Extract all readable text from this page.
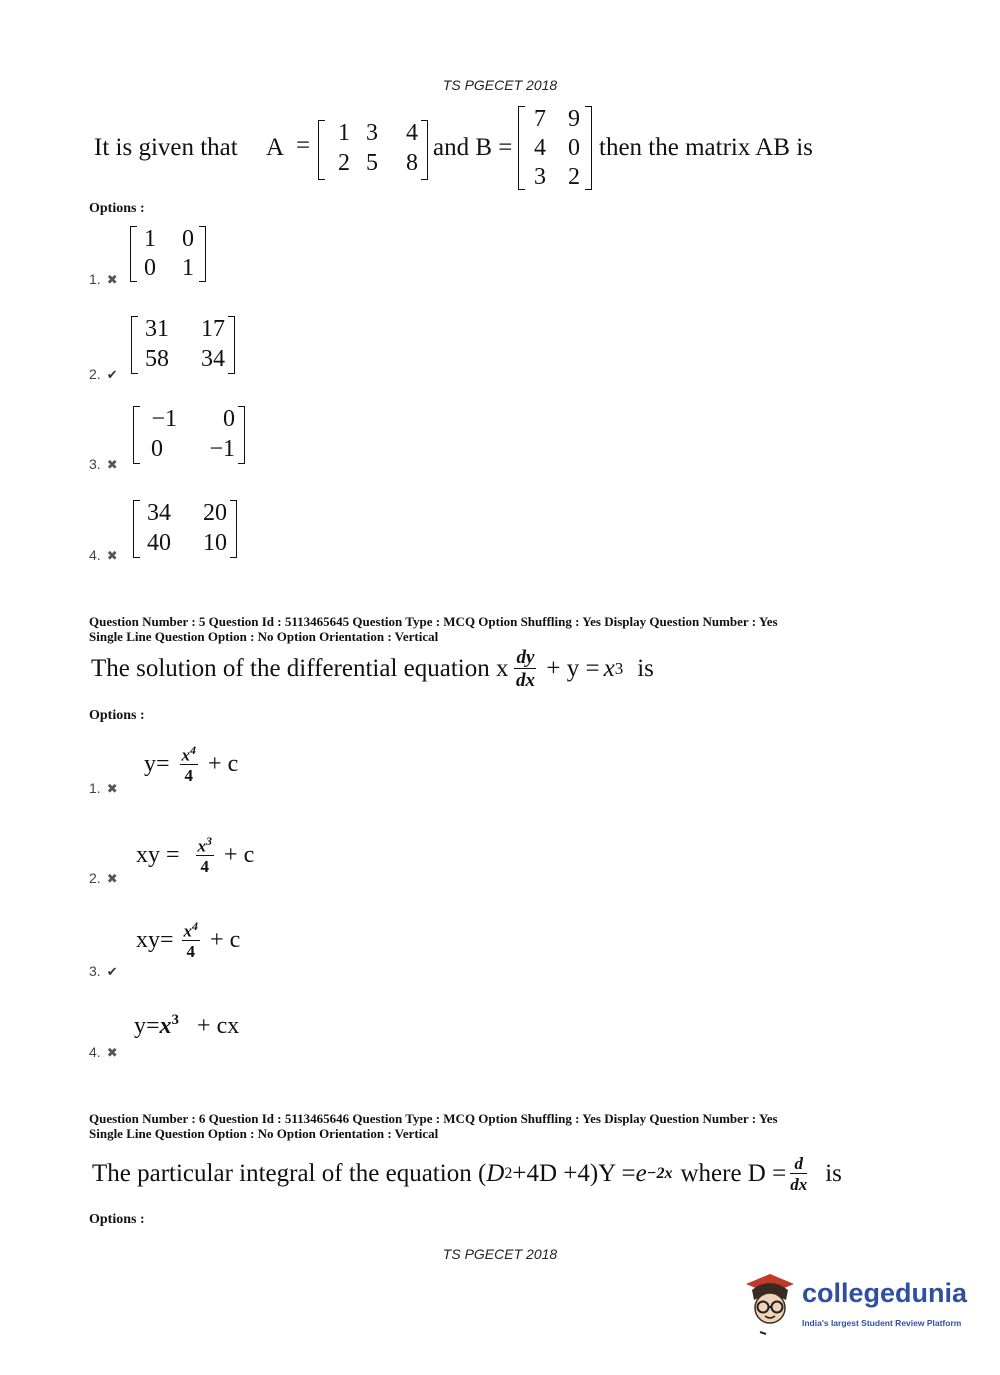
TS PGECET 2018
It is given that A =	1 3	4
2 5	8
and B =
7 9
4 0
3 2
then the matrix AB is
Options :
1. ✖
1	0
0	1
2. ✔
31	17
58	34
3. ✖
−1	0
0	−1
4. ✖
34	20
40	10
Question Number : 5 Question Id : 5113465645 Question Type : MCQ Option Shuffling : Yes Display Question Number : Yes
Single Line Question Option : No Option Orientation : Vertical
The solution of the differential equation x $\frac{dy}{dx} + y = x$ 3 is
Options :
1. ✖
$y= \frac{x^4}{4} + c$
2. ✖
xy = $\frac{x^3}{4} + c$
3. ✔
$xy= \frac{x^4}{4} + c$
4. ✖
$y=x^3$ + cx
Question Number : 6 Question Id : 5113465646 Question Type : MCQ Option Shuffling : Yes Display Question Number : Yes
Single Line Question Option : No Option Orientation : Vertical
The particular integral of the equation ( D 2 +4D +4)Y = e −2x where $D = \frac{d}{dx}$ is
Options :
TS PGECET 2018
collegedunia
India's largest Student Review Platform
